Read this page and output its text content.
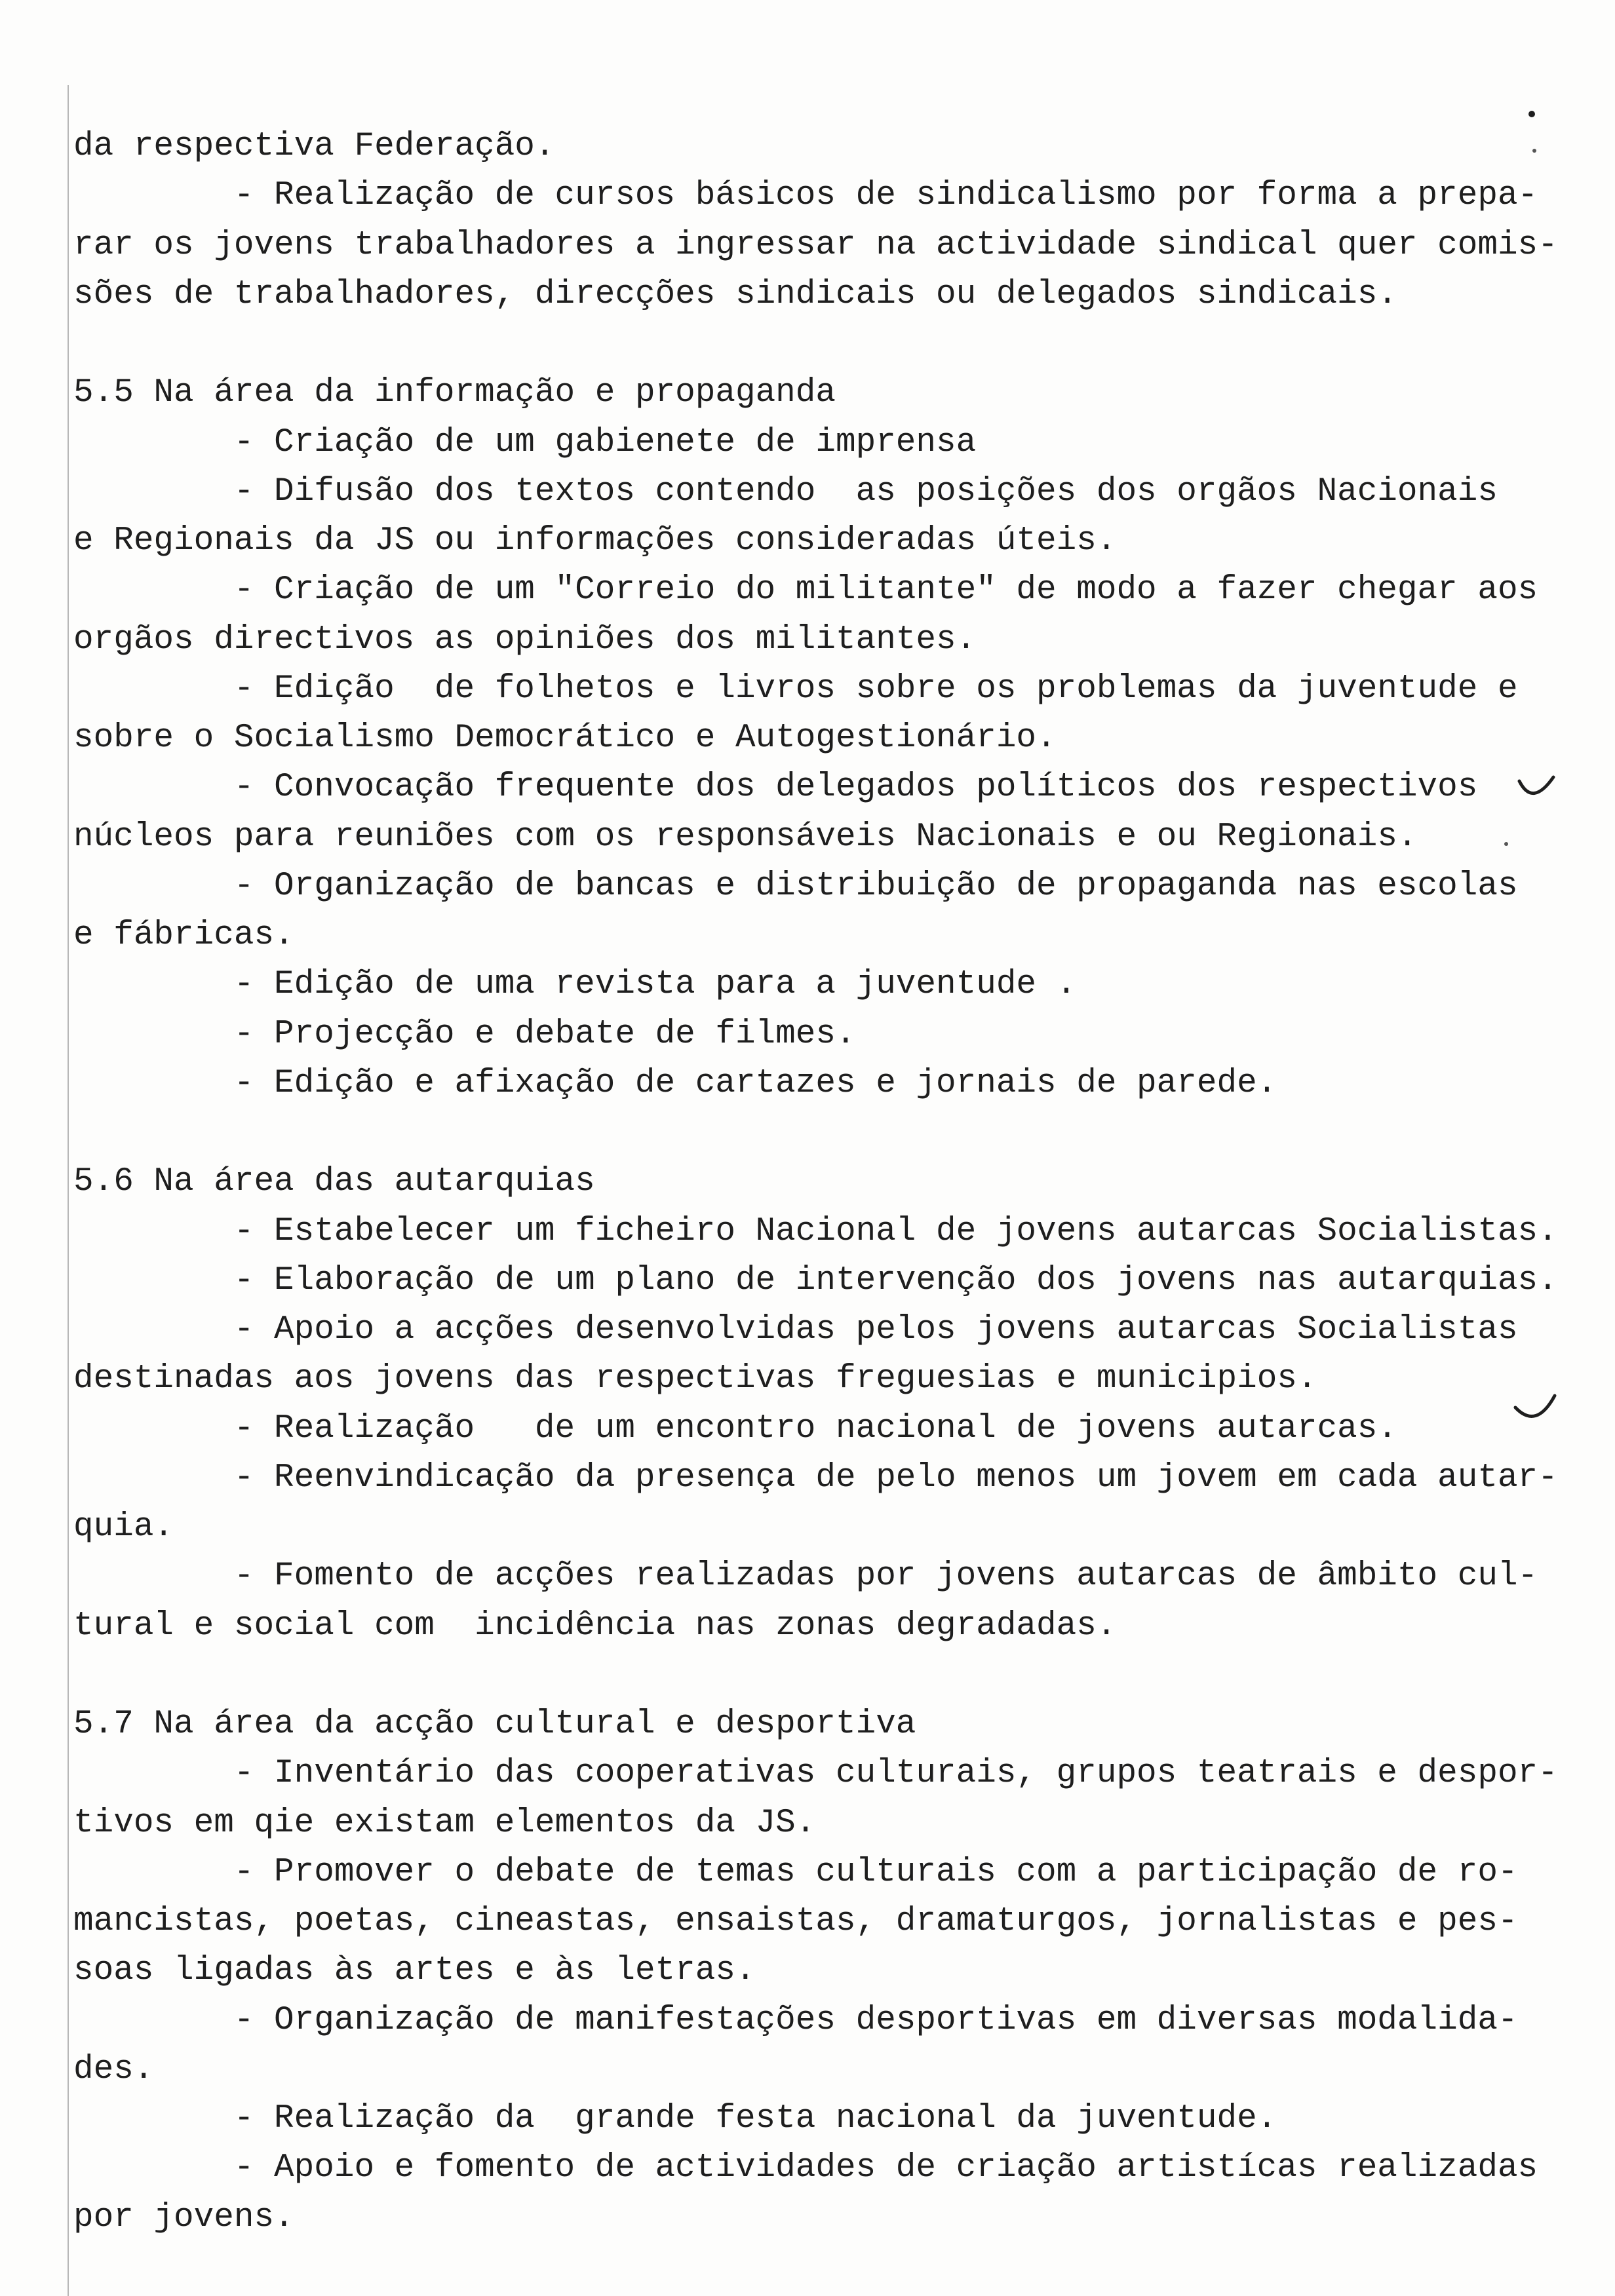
da respectiva Federação.
- Realização de cursos básicos de sindicalismo por forma a prepa-
rar os jovens trabalhadores a ingressar na actividade sindical quer comis-
sões de trabalhadores, direcções sindicais ou delegados sindicais.
5.5 Na área da informação e propaganda
- Criação de um gabienete de imprensa
- Difusão dos textos contendo  as posições dos orgãos Nacionais
e Regionais da JS ou informações consideradas úteis.
- Criação de um "Correio do militante" de modo a fazer chegar aos
orgãos directivos as opiniões dos militantes.
- Edição  de folhetos e livros sobre os problemas da juventude e
sobre o Socialismo Democrático e Autogestionário.
- Convocação frequente dos delegados políticos dos respectivos
núcleos para reuniões com os responsáveis Nacionais e ou Regionais.
- Organização de bancas e distribuição de propaganda nas escolas
e fábricas.
- Edição de uma revista para a juventude .
- Projecção e debate de filmes.
- Edição e afixação de cartazes e jornais de parede.
5.6 Na área das autarquias
- Estabelecer um ficheiro Nacional de jovens autarcas Socialistas.
- Elaboração de um plano de intervenção dos jovens nas autarquias.
- Apoio a acções desenvolvidas pelos jovens autarcas Socialistas
destinadas aos jovens das respectivas freguesias e municipios.
- Realização   de um encontro nacional de jovens autarcas.
- Reenvindicação da presença de pelo menos um jovem em cada autar-
quia.
- Fomento de acções realizadas por jovens autarcas de âmbito cul-
tural e social com  incidência nas zonas degradadas.
5.7 Na área da acção cultural e desportiva
- Inventário das cooperativas culturais, grupos teatrais e despor-
tivos em qie existam elementos da JS.
- Promover o debate de temas culturais com a participação de ro-
mancistas, poetas, cineastas, ensaistas, dramaturgos, jornalistas e pes-
soas ligadas às artes e às letras.
- Organização de manifestações desportivas em diversas modalida-
des.
- Realização da  grande festa nacional da juventude.
- Apoio e fomento de actividades de criação artistícas realizadas
por jovens.
